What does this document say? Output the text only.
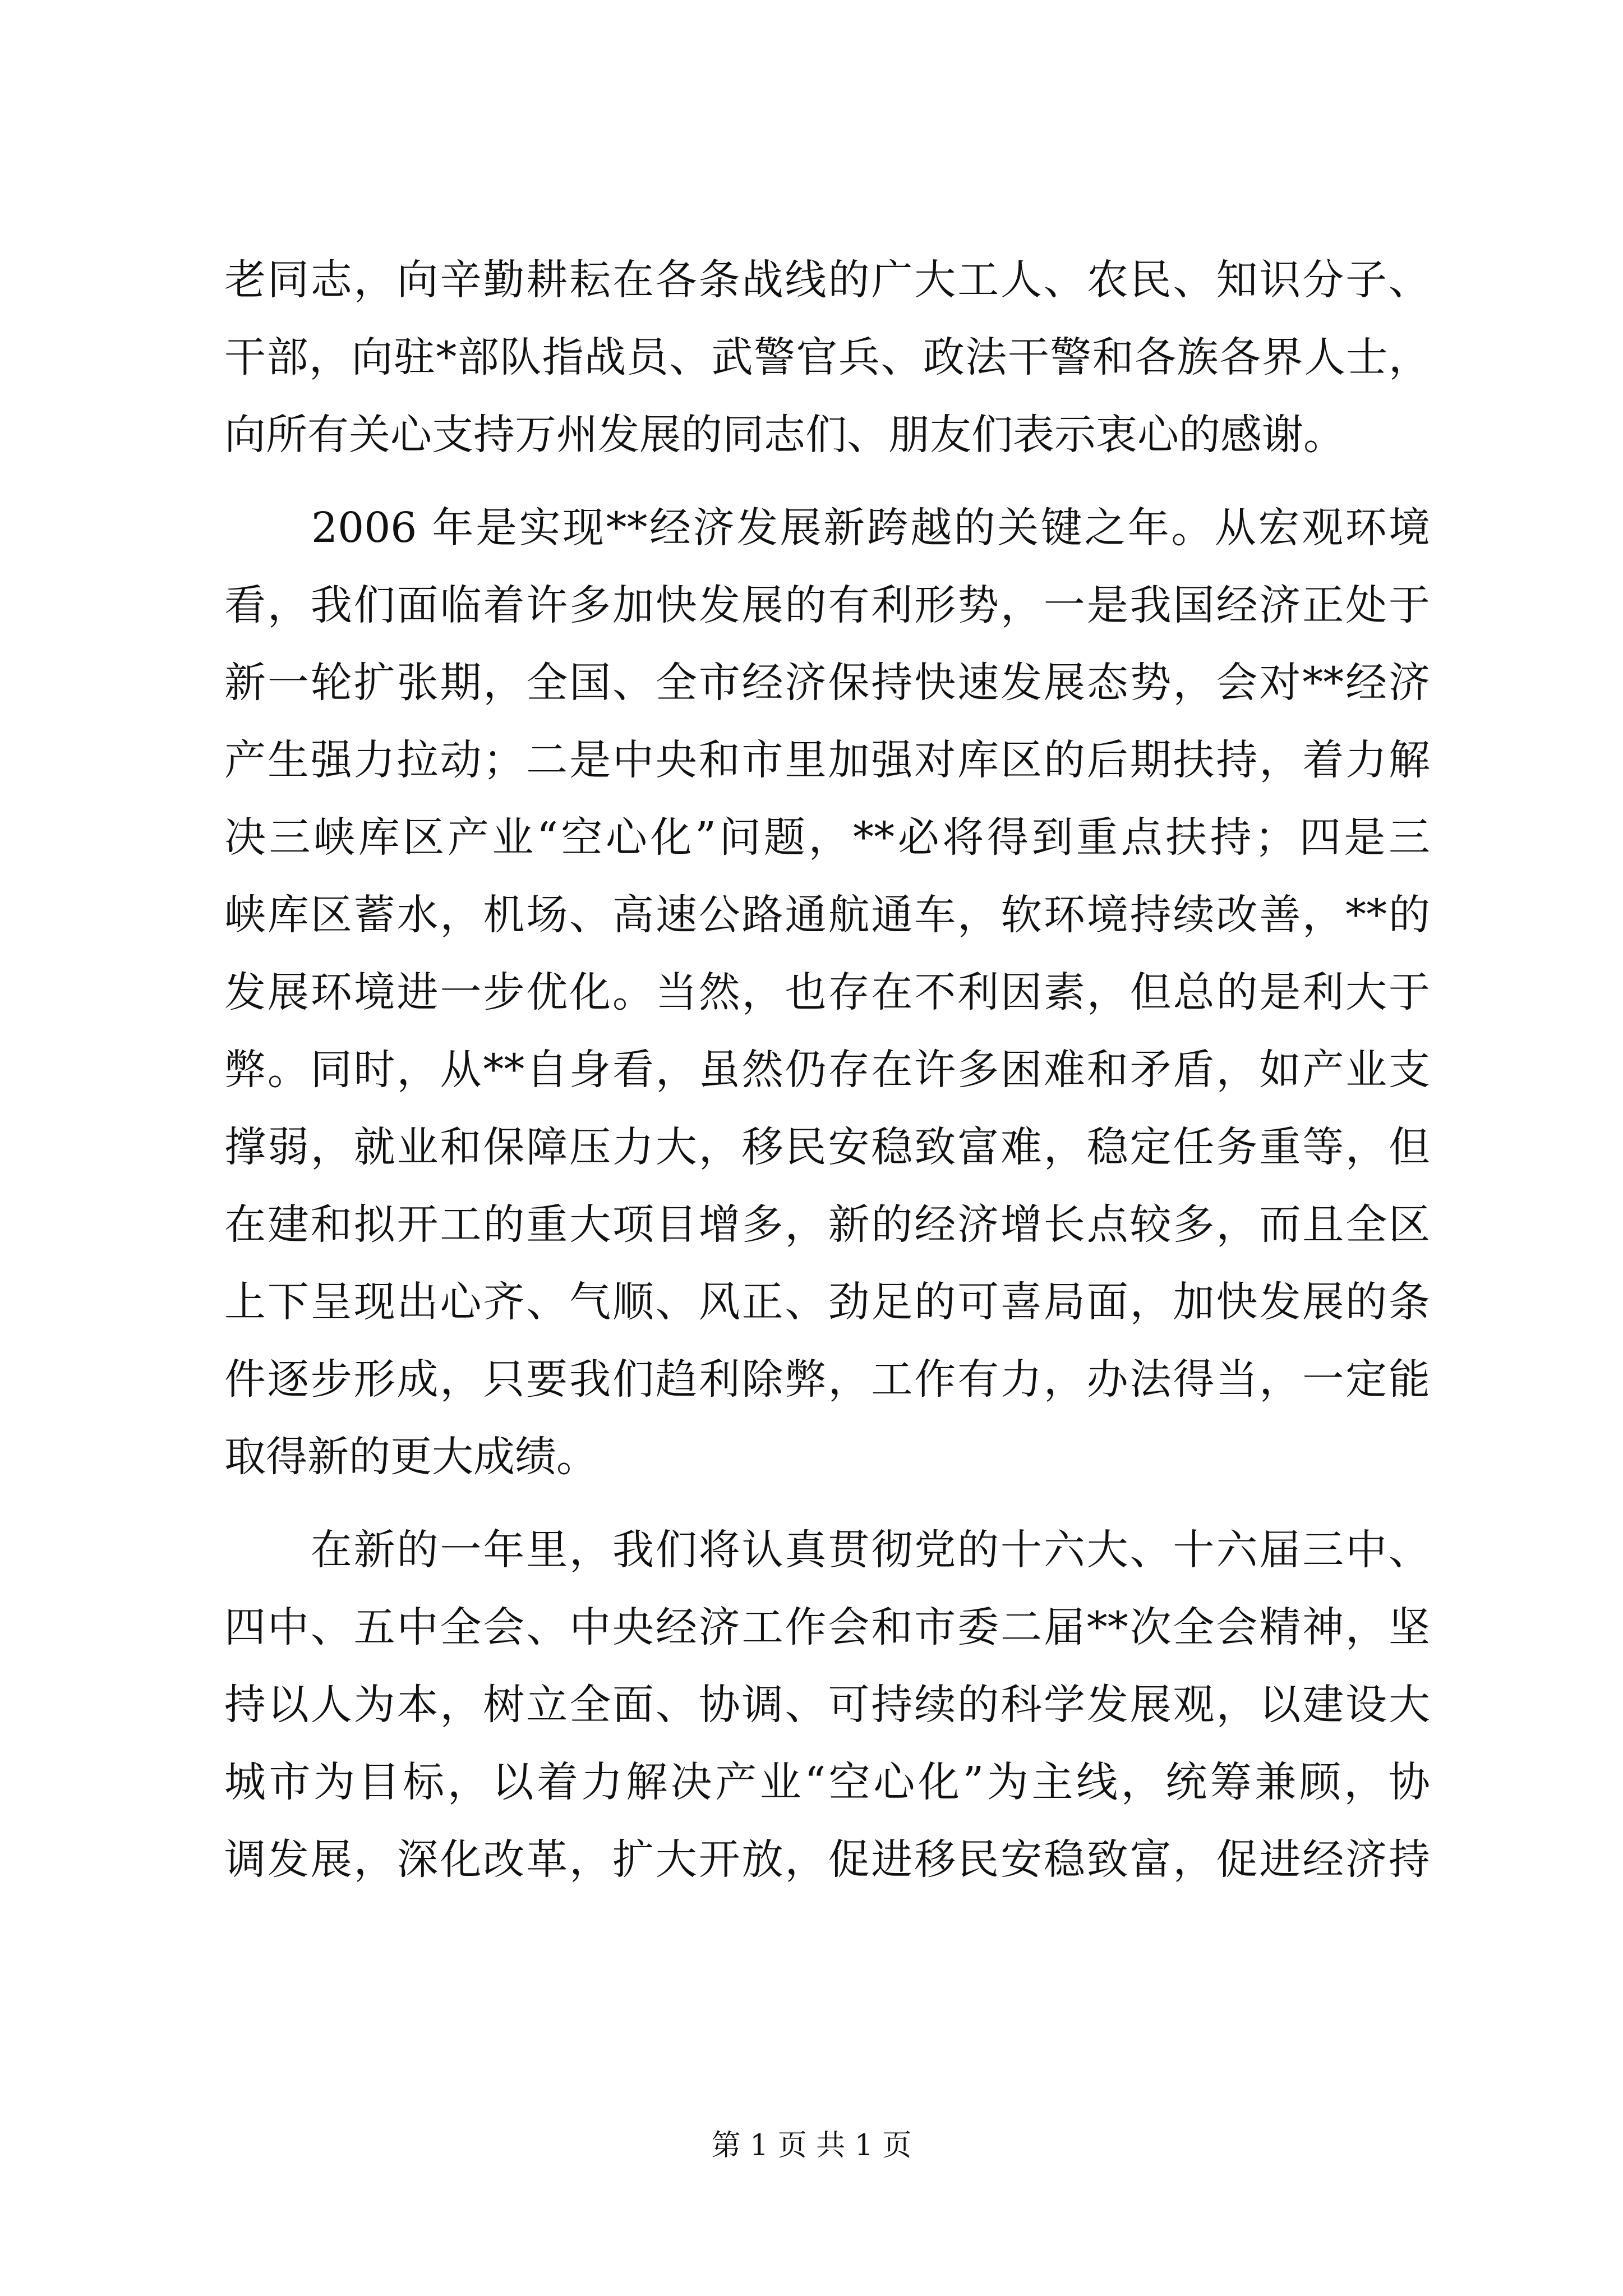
老同志，向辛勤耕耘在各条战线的广大工人、农民、知识分子、
干部，向驻*部队指战员、武警官兵、政法干警和各族各界人士，
向所有关心支持万州发展的同志们、朋友们表示衷心的感谢。
　　2006 年是实现**经济发展新跨越的关键之年。从宏观环境
看，我们面临着许多加快发展的有利形势，一是我国经济正处于
新一轮扩张期，全国、全市经济保持快速发展态势，会对**经济
产生强力拉动；二是中央和市里加强对库区的后期扶持，着力解
决三峡库区产业“空心化”问题，**必将得到重点扶持；四是三
峡库区蓄水，机场、高速公路通航通车，软环境持续改善，**的
发展环境进一步优化。当然，也存在不利因素，但总的是利大于
弊。同时，从**自身看，虽然仍存在许多困难和矛盾，如产业支
撑弱，就业和保障压力大，移民安稳致富难，稳定任务重等，但
在建和拟开工的重大项目增多，新的经济增长点较多，而且全区
上下呈现出心齐、气顺、风正、劲足的可喜局面，加快发展的条
件逐步形成，只要我们趋利除弊，工作有力，办法得当，一定能
取得新的更大成绩。
　　在新的一年里，我们将认真贯彻党的十六大、十六届三中、
四中、五中全会、中央经济工作会和市委二届**次全会精神，坚
持以人为本，树立全面、协调、可持续的科学发展观，以建设大
城市为目标，以着力解决产业“空心化”为主线，统筹兼顾，协
调发展，深化改革，扩大开放，促进移民安稳致富，促进经济持
第 1 页 共 1 页
